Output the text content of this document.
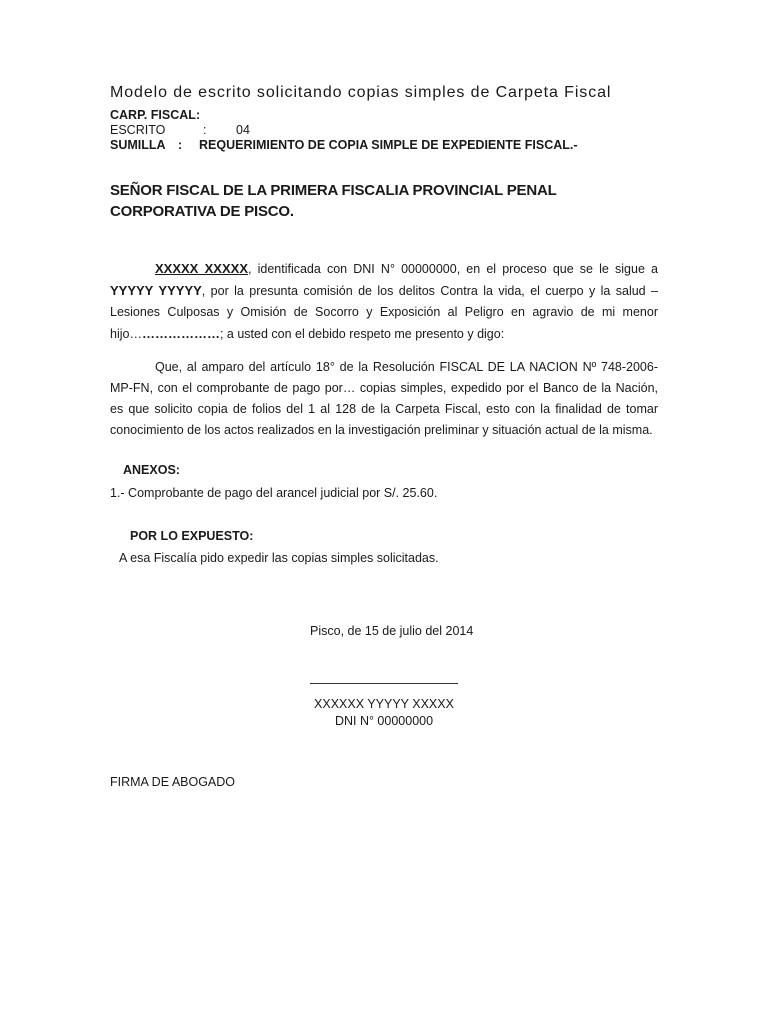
Modelo de escrito solicitando copias simples de Carpeta Fiscal
CARP. FISCAL :
ESCRITO	: 04
SUMILLA : REQUERIMIENTO DE COPIA SIMPLE DE EXPEDIENTE FISCAL.-
SEÑOR FISCAL DE LA PRIMERA FISCALIA PROVINCIAL PENAL CORPORATIVA DE PISCO.
XXXXX XXXXX, identificada con DNI N° 00000000, en el proceso que se le sigue a YYYYY YYYYY, por la presunta comisión de los delitos Contra la vida, el cuerpo y la salud – Lesiones Culposas y Omisión de Socorro y Exposición al Peligro en agravio de mi menor hijo…………………; a usted con el debido respeto me presento y digo:
Que, al amparo del artículo 18° de la Resolución FISCAL DE LA NACION Nº 748-2006-MP-FN, con el comprobante de pago por… copias simples, expedido por el Banco de la Nación, es que solicito copia de folios del 1 al 128 de la Carpeta Fiscal, esto con la finalidad de tomar conocimiento de los actos realizados en la investigación preliminar y situación actual de la misma.
ANEXOS:
1.- Comprobante de pago del arancel judicial por S/. 25.60.
POR LO EXPUESTO:
A esa Fiscalía pido expedir las copias simples solicitadas.
Pisco, de 15 de julio del 2014
XXXXXX YYYYY XXXXX
DNI N° 00000000
FIRMA DE ABOGADO
